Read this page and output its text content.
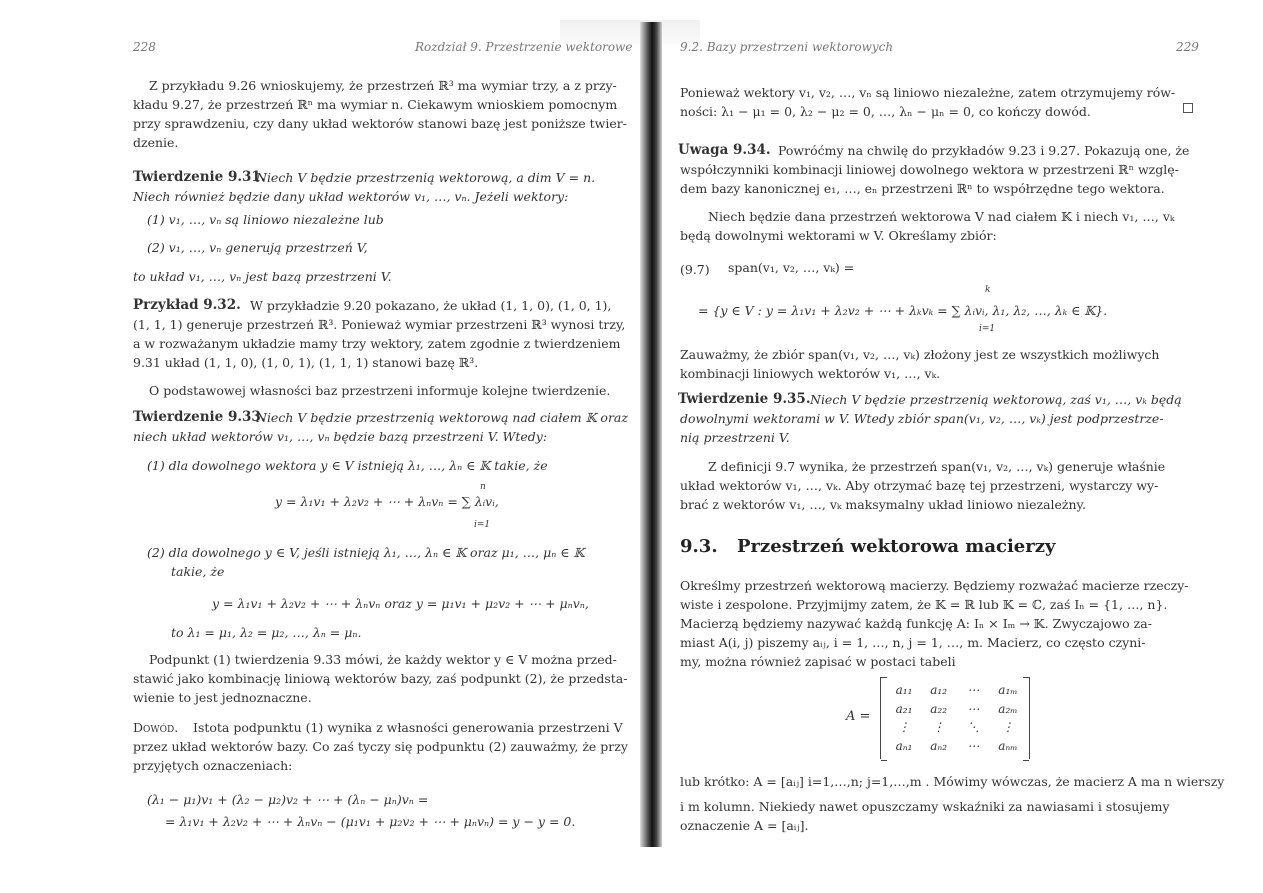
228	Rozdział 9. Przestrzenie wektorowe
Z przykładu 9.26 wnioskujemy, że przestrzeń ℝ³ ma wymiar trzy, a z przy-
kładu 9.27, że przestrzeń ℝⁿ ma wymiar n. Ciekawym wnioskiem pomocnym
przy sprawdzeniu, czy dany układ wektorów stanowi bazę jest poniższe twier-
dzenie.
Twierdzenie 9.31.
Niech V będzie przestrzenią wektorową, a dim V = n.
Niech również będzie dany układ wektorów v₁, …, vₙ. Jeżeli wektory:
(1) v₁, …, vₙ są liniowo niezależne lub
(2) v₁, …, vₙ generują przestrzeń V,
to układ v₁, …, vₙ jest bazą przestrzeni V.
Przykład 9.32. W przykładzie 9.20 pokazano, że układ (1, 1, 0), (1, 0, 1),
(1, 1, 1) generuje przestrzeń ℝ³. Ponieważ wymiar przestrzeni ℝ³ wynosi trzy,
a w rozważanym układzie mamy trzy wektory, zatem zgodnie z twierdzeniem
9.31 układ (1, 1, 0), (1, 0, 1), (1, 1, 1) stanowi bazę ℝ³.
O podstawowej własności baz przestrzeni informuje kolejne twierdzenie.
Twierdzenie 9.33.
Niech V będzie przestrzenią wektorową nad ciałem 𝕂 oraz
niech układ wektorów v₁, …, vₙ będzie bazą przestrzeni V. Wtedy:
(1) dla dowolnego wektora y ∈ V istnieją λ₁, …, λₙ ∈ 𝕂 takie, że
y = λ₁v₁ + λ₂v₂ + ⋯ + λₙvₙ = ∑ λᵢvᵢ,
n
i=1
(2) dla dowolnego y ∈ V, jeśli istnieją λ₁, …, λₙ ∈ 𝕂 oraz μ₁, …, μₙ ∈ 𝕂
takie, że
y = λ₁v₁ + λ₂v₂ + ⋯ + λₙvₙ oraz y = μ₁v₁ + μ₂v₂ + ⋯ + μₙvₙ,
to λ₁ = μ₁, λ₂ = μ₂, …, λₙ = μₙ.
Podpunkt (1) twierdzenia 9.33 mówi, że każdy wektor y ∈ V można przed-
stawić jako kombinację liniową wektorów bazy, zaś podpunkt (2), że przedsta-
wienie to jest jednoznaczne.
Dowód. Istota podpunktu (1) wynika z własności generowania przestrzeni V
przez układ wektorów bazy. Co zaś tyczy się podpunktu (2) zauważmy, że przy
przyjętych oznaczeniach:
(λ₁ − μ₁)v₁ + (λ₂ − μ₂)v₂ + ⋯ + (λₙ − μₙ)vₙ =
= λ₁v₁ + λ₂v₂ + ⋯ + λₙvₙ − (μ₁v₁ + μ₂v₂ + ⋯ + μₙvₙ) = y − y = 0.
9.2. Bazy przestrzeni wektorowych	229
Ponieważ wektory v₁, v₂, …, vₙ są liniowo niezależne, zatem otrzymujemy rów-
ności: λ₁ − μ₁ = 0, λ₂ − μ₂ = 0, …, λₙ − μₙ = 0, co kończy dowód.
Uwaga 9.34. Powróćmy na chwilę do przykładów 9.23 i 9.27. Pokazują one, że
współczynniki kombinacji liniowej dowolnego wektora w przestrzeni ℝⁿ wzglę-
dem bazy kanonicznej e₁, …, eₙ przestrzeni ℝⁿ to współrzędne tego wektora.
Niech będzie dana przestrzeń wektorowa V nad ciałem 𝕂 i niech v₁, …, vₖ
będą dowolnymi wektorami w V. Określamy zbiór:
(9.7) span(v₁, v₂, …, vₖ) =
= {y ∈ V : y = λ₁v₁ + λ₂v₂ + ⋯ + λₖvₖ = ∑ λᵢvᵢ, λ₁, λ₂, …, λₖ ∈ 𝕂}.
k
i=1
Zauważmy, że zbiór span(v₁, v₂, …, vₖ) złożony jest ze wszystkich możliwych
kombinacji liniowych wektorów v₁, …, vₖ.
Twierdzenie 9.35. Niech V będzie przestrzenią wektorową, zaś v₁, …, vₖ będą
dowolnymi wektorami w V. Wtedy zbiór span(v₁, v₂, …, vₖ) jest podprzestrze-
nią przestrzeni V.
Z definicji 9.7 wynika, że przestrzeń span(v₁, v₂, …, vₖ) generuje właśnie
układ wektorów v₁, …, vₖ. Aby otrzymać bazę tej przestrzeni, wystarczy wy-
brać z wektorów v₁, …, vₖ maksymalny układ liniowo niezależny.
9.3. Przestrzeń wektorowa macierzy
Określmy przestrzeń wektorową macierzy. Będziemy rozważać macierze rzeczy-
wiste i zespolone. Przyjmijmy zatem, że 𝕂 = ℝ lub 𝕂 = ℂ, zaś Iₙ = {1, …, n}.
Macierzą będziemy nazywać każdą funkcję A: Iₙ × Iₘ → 𝕂. Zwyczajowo za-
miast A(i, j) piszemy aᵢⱼ, i = 1, …, n, j = 1, …, m. Macierz, co często czyni-
my, można również zapisać w postaci tabeli
A =
lub krótko: A = [aᵢⱼ] i=1,…,n; j=1,…,m . Mówimy wówczas, że macierz A ma n wierszy
i m kolumn. Niekiedy nawet opuszczamy wskaźniki za nawiasami i stosujemy
oznaczenie A = [aᵢⱼ].
a₁₁	a₁₂	⋯	a₁ₘ
a₂₁	a₂₂	⋯	a₂ₘ
⋮	⋮	⋱	⋮
aₙ₁	aₙ₂	⋯	aₙₘ
